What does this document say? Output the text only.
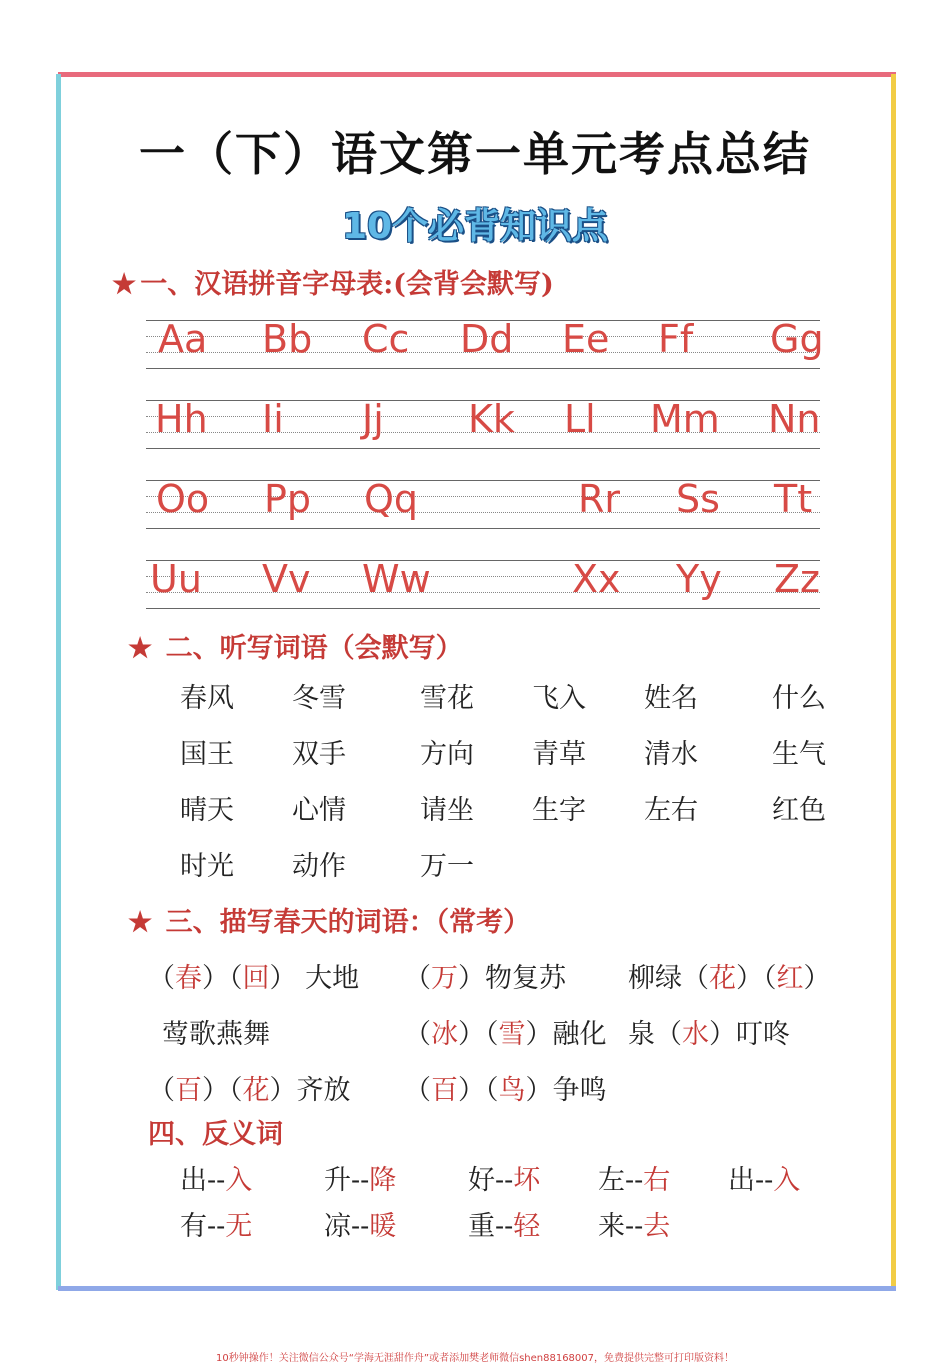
一（下）语文第一单元考点总结
10个必背知识点
★ 一、汉语拼音字母表:(会背会默写)
Aa Bb Cc Dd Ee Ff Gg
Hh Ii Jj Kk Ll Mm Nn
Oo Pp Qq	Rr Ss Tt
Uu Vv Ww	Xx Yy Zz
★ 二、听写词语（会默写）
春风 冬雪	雪花 飞入 姓名	什么
国王 双手	方向 青草 清水	生气
晴天 心情	请坐 生字 左右	红色
时光 动作	万一
★ 三、描写春天的词语：（常考）
（春）（回） 大地 （万）物复苏 柳绿（花）（红）
莺歌燕舞	（冰）（雪）融化 泉（水）叮咚
（百）（花）齐放 （百）（鸟）争鸣
四、反义词
出--入	升--降	好--坏 左--右 出--入
有--无	凉--暖	重--轻 来--去
10秒钟操作！关注微信公众号“学海无涯甜作舟”或者添加樊老师微信shen88168007，免费提供完整可打印版资料！
